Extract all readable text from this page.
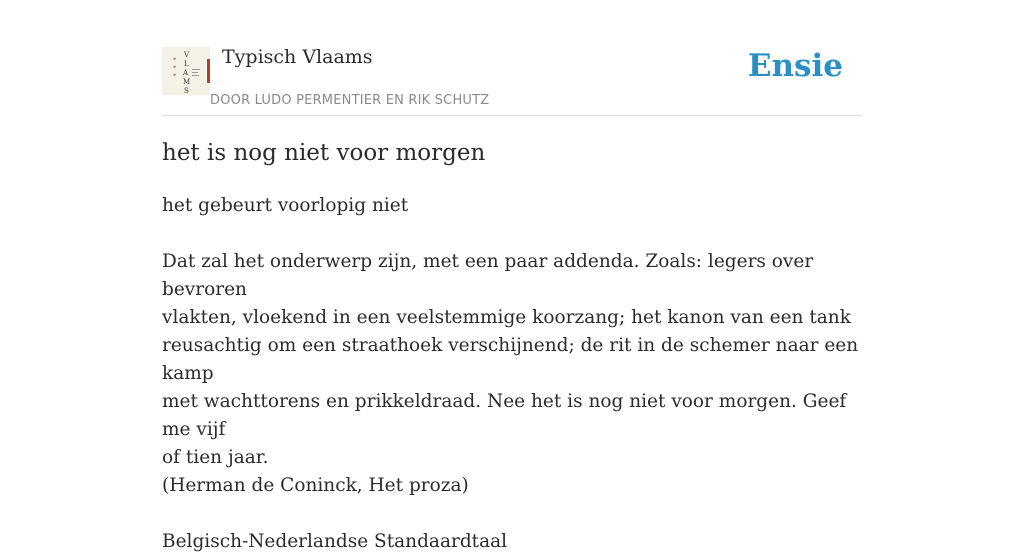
•
•
•
V
L
A
M
S
Typisch Vlaams
DOOR LUDO PERMENTIER EN RIK SCHUTZ
Ensie
het is nog niet voor morgen

het gebeurt voorlopig niet

Dat zal het onderwerp zijn, met een paar addenda. Zoals: legers over bevroren
vlakten, vloekend in een veelstemmige koorzang; het kanon van een tank
reusachtig om een straathoek verschijnend; de rit in de schemer naar een kamp
met wachttorens en prikkeldraad. Nee het is nog niet voor morgen. Geef me vijf
of tien jaar.

(Herman de Coninck, Het proza)

Belgisch-Nederlandse Standaardtaal
